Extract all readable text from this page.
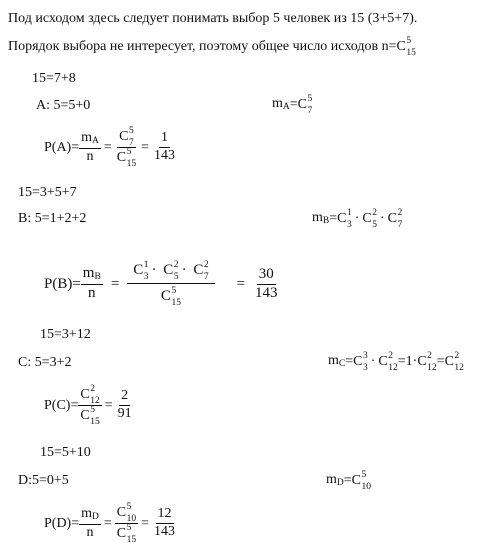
Под исходом здесь следует понимать выбор 5 человек из 15 (3+5+7).
Порядок выбора не интересует, поэтому общее число исходов n= C 5
15
15=7+8
A: 5=5+0	$m_A = C$ 5
7
$P(A)= \frac{m_A}{n} = C$ 5
7
C 5
$15 = \frac{1}{143}$
15=3+5+7
B: 5=1+2+2	$m_B = C$ 1
3 · C 2
5 · C 2
7
$P(B)= \frac{m_B}{n} = C$ 1
3 · C 2
5 · C 2
7
C 5
$15 = \frac{30}{143}$
15=3+12
C: 5=3+2	$m_C = C$ 3
3 · C 2
12 =1· C 2
12 = C 2
12
P(C)= C 2
12
C 5
$15 = \frac{2}{91}$
15=5+10
D:5=0+5	$m_D = C$ 5
10
$P(D)= \frac{m_D}{n} = C$ 5
10
C 5
$15 = \frac{12}{143}$
